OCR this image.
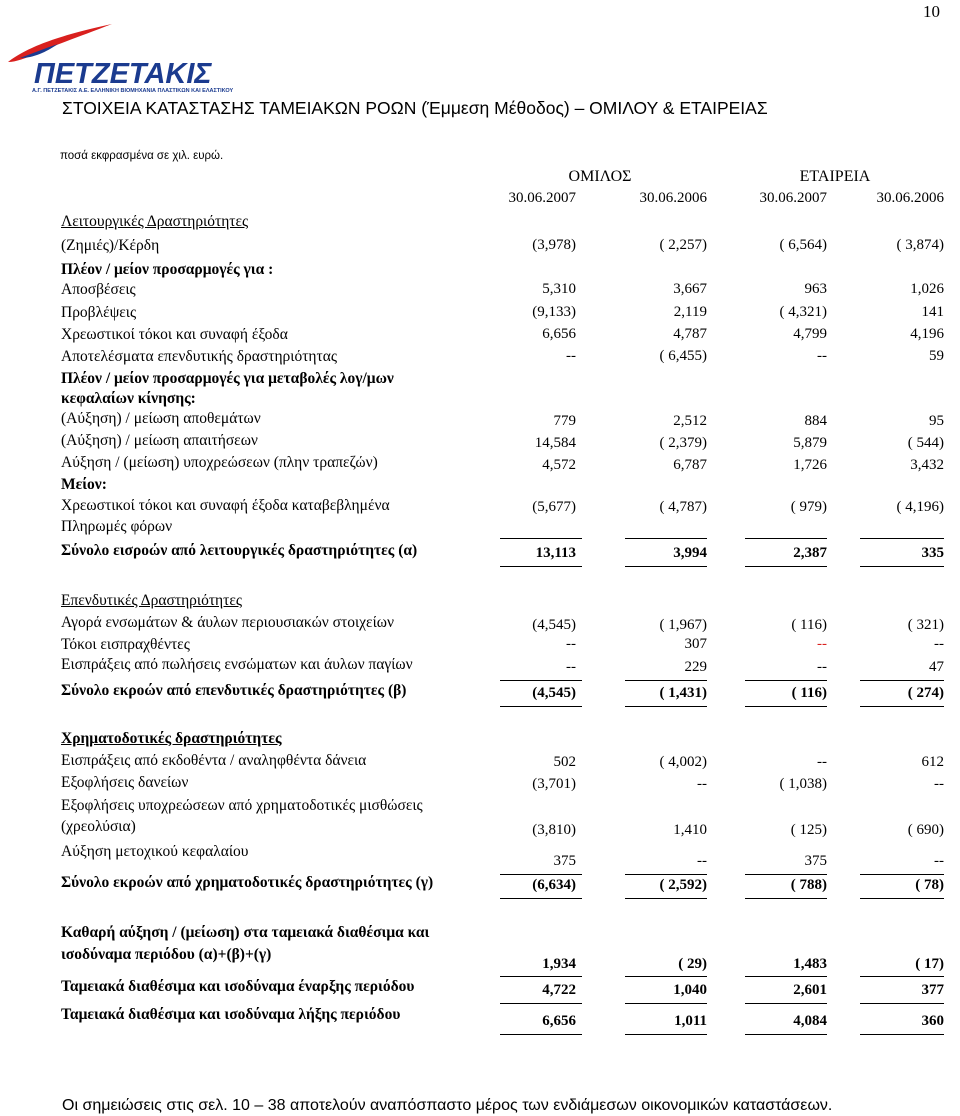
10
ΠΕΤΖΕΤΑΚΙΣ
Α.Γ. ΠΕΤΖΕΤΑΚΙΣ Α.Ε. ΕΛΛΗΝΙΚΗ ΒΙΟΜΗΧΑΝΙΑ ΠΛΑΣΤΙΚΩΝ ΚΑΙ ΕΛΑΣΤΙΚΟΥ
ΣΤΟΙΧΕΙΑ ΚΑΤΑΣΤΑΣΗΣ ΤΑΜΕΙΑΚΩΝ ΡΟΩΝ (Έμμεση Μέθοδος) – ΟΜΙΛΟΥ & ΕΤΑΙΡΕΙΑΣ
ποσά εκφρασμένα σε χιλ. ευρώ.
ΟΜΙΛΟΣ	ΕΤΑΙΡΕΙΑ
30.06.2007	30.06.2006	30.06.2007	30.06.2006
Λειτουργικές Δραστηριότητες
(Ζημιές)/Κέρδη	(3,978)	( 2,257)	( 6,564)	( 3,874)
Πλέον / μείον προσαρμογές για :
Αποσβέσεις	5,310	3,667	963	1,026
Προβλέψεις	(9,133)	2,119	( 4,321)	141
Χρεωστικοί τόκοι και συναφή έξοδα	6,656	4,787	4,799	4,196
Αποτελέσματα επενδυτικής δραστηριότητας	--	( 6,455)	--	59
Πλέον / μείον προσαρμογές για μεταβολές λογ/μων
κεφαλαίων κίνησης:
(Αύξηση) / μείωση αποθεμάτων	779	2,512	884	95
(Αύξηση) / μείωση απαιτήσεων	14,584	( 2,379)	5,879	( 544)
Αύξηση / (μείωση) υποχρεώσεων (πλην τραπεζών)	4,572	6,787	1,726	3,432
Μείον:
Χρεωστικοί τόκοι και συναφή έξοδα καταβεβλημένα	(5,677)	( 4,787)	( 979)	( 4,196)
Πληρωμές φόρων
Σύνολο εισροών από λειτουργικές δραστηριότητες (α)	13,113	3,994	2,387	335
Επενδυτικές Δραστηριότητες
Αγορά ενσωμάτων & άυλων περιουσιακών στοιχείων	(4,545)	( 1,967)	( 116)	( 321)
Τόκοι εισπραχθέντες	--	307	--	--
Εισπράξεις από πωλήσεις ενσώματων και άυλων παγίων	--	229	--	47
Σύνολο εκροών από επενδυτικές δραστηριότητες (β)	(4,545)	( 1,431)	( 116)	( 274)
Χρηματοδοτικές δραστηριότητες
Εισπράξεις από εκδοθέντα / αναληφθέντα δάνεια	502	( 4,002)	--	612
Εξοφλήσεις δανείων	(3,701)	--	( 1,038)	--
Εξοφλήσεις υποχρεώσεων από χρηματοδοτικές μισθώσεις
(χρεολύσια)	(3,810)	1,410	( 125)	( 690)
Αύξηση μετοχικού κεφαλαίου
375	--	375	--
Σύνολο εκροών από χρηματοδοτικές δραστηριότητες (γ)	(6,634)	( 2,592)	( 788)	( 78)
Καθαρή αύξηση / (μείωση) στα ταμειακά διαθέσιμα και
ισοδύναμα περιόδου (α)+(β)+(γ)
1,934	( 29)	1,483	( 17)
Ταμειακά διαθέσιμα και ισοδύναμα έναρξης περιόδου	4,722	1,040	2,601	377
Ταμειακά διαθέσιμα και ισοδύναμα λήξης περιόδου	6,656	1,011	4,084	360
Οι σημειώσεις στις σελ. 10 – 38 αποτελούν αναπόσπαστο μέρος των ενδιάμεσων οικονομικών καταστάσεων.
